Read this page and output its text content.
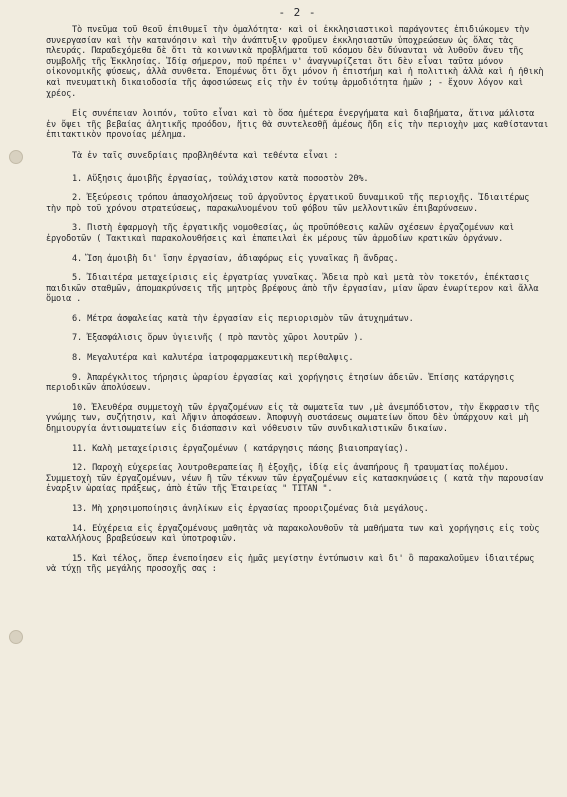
- 2 -

Τὸ πνεῦμα τοῦ θεοῦ ἐπιθυμεῖ τὴν ὁμαλότητα· καὶ οἱ ἐκκλησιαστικοὶ παράγοντες ἐπιδιώκομεν τὴν συνεργασίαν καὶ τὴν κατανόησιν καὶ τὴν ἀνάπτυξιν φροῦμεν ἐκκλησιαστῶν ὑποχρεώσεων ὡς ὅλας τὰς πλευράς. Παραδεχόμεθα δὲ ὅτι τὰ κοινωνικὰ προβλήματα τοῦ κόσμου δὲν δύνανται νὰ λυθοῦν ἄνευ τῆς συμβολῆς τῆς Ἐκκλησίας. Ἰδίᾳ σήμερον, ποῦ πρέπει ν' ἀναγνωρίζεται ὅτι δὲν εἶναι ταῦτα μόνον οἰκονομικῆς φύσεως, ἀλλὰ συνθετα. Ἐπομένως ὅτι ὄχι μόνον ἡ ἐπιστήμη καὶ ἡ πολιτικὴ ἀλλὰ καὶ ἡ ἠθικὴ καὶ πνευματικὴ δικαιοδοσία τῆς ἀφοσιώσεως εἰς τὴν ἐν τούτῳ ἁρμοδιότητα ἡμῶν ; - ἔχουν λόγον καὶ χρέος.

Εἰς συνέπειαν λοιπόν, τοῦτο εἶναι καὶ τὸ ὅσα ἡμέτερα ἐνεργήματα καὶ διαβήματα, ἅτινα μάλιστα ἐν ὄψει τῆς βεβαίας ἀλητικῆς προόδου, ἥτις θὰ συντελεσθῇ ἀμέσως ἤδη εἰς τὴν περιοχὴν μας καθίστανται ἐπιτακτικὸν προνοίας μέλημα.

Τὰ ἐν ταῖς συνεδρίαις προβληθέντα καὶ τεθέντα εἶναι :

1. Αὔξησις ἀμοιβῆς ἐργασίας, τοὐλάχιστον κατὰ ποσοστὸν 20%.

2. Ἐξεύρεσις τρόπου ἀπασχολήσεως τοῦ ἀργοῦντος ἐργατικοῦ δυναμικοῦ τῆς περιοχῆς. Ἰδιαιτέρως τὴν πρὸ τοῦ χρόνου στρατεύσεως, παρακωλυομένου τοῦ φόβου τῶν μελλοντικῶν ἐπιβαρύνσεων.

3. Πιστὴ ἐφαρμογὴ τῆς ἐργατικῆς νομοθεσίας, ὡς προϋπόθεσις καλῶν σχέσεων ἐργαζομένων καὶ ἐργοδοτῶν ( Τακτικαὶ παρακολουθήσεις καὶ ἐπαπειλαὶ ἐκ μέρους τῶν ἁρμοδίων κρατικῶν ὀργάνων.

4. Ἴση ἀμοιβὴ δι' ἴσην ἐργασίαν, ἀδιαφόρως εἰς γυναῖκας ἢ ἄνδρας.

5. Ἰδιαιτέρα μεταχείρισις εἰς ἐργατρίας γυναῖκας. Ἄδεια πρὸ καὶ μετὰ τὸν τοκετόν, ἐπέκτασις παιδικῶν σταθμῶν, ἀπομακρύνσεις τῆς μητρὸς βρέφους ἀπὸ τῆν ἐργασίαν, μίαν ὥραν ἐνωρίτερον καὶ ἄλλα ὅμοια .

6. Μέτρα ἀσφαλείας κατὰ τὴν ἐργασίαν εἰς περιορισμὸν τῶν ἀτυχημάτων.

7. Ἐξασφάλισις ὅρων ὑγιεινῆς ( πρὸ παντὸς χῶροι λουτρῶν ).

8. Μεγαλυτέρα καὶ καλυτέρα ἰατροφαρμακευτικὴ περίθαλψις.

9. Ἀπαρέγκλιτος τήρησις ὡραρίου ἐργασίας καὶ χορήγησις ἐτησίων ἀδειῶν. Ἐπίσης κατάργησις περιοδικῶν ἀπολύσεων.

10. Ἐλευθέρα συμμετοχὴ τῶν ἐργαζομένων εἰς τὰ σωματεῖα των ,μὲ ἀνεμπόδιστον, τὴν ἔκφρασιν τῆς γνώμης των, συζήτησιν, καὶ λῆψιν ἀποφάσεων. Ἀποφυγὴ συστάσεως σωματείων ὅπου δὲν ὑπάρχουν καὶ μὴ δημιουργία ἀντισωματείων εἰς διάσπασιν καὶ νόθευσιν τῶν συνδικαλιστικῶν δικαίων.

11. Καλὴ μεταχείρισις ἐργαζομένων ( κατάργησις πάσης βιαιοπραγίας).

12. Παροχὴ εὐχερείας λουτροθεραπείας ἢ ἐξοχῆς, ἰδίᾳ εἰς ἀναπήρους ἢ τραυματίας πολέμου. Συμμετοχὴ τῶν ἐργαζομένων, νέων ἢ τῶν τέκνων τῶν ἐργαζομένων εἰς κατασκηνώσεις ( κατὰ τὴν παρουσίαν ἐναρξιν ὡραίας πράξεως, ἀπὸ ἐτῶν τῆς Ἑταιρείας " ΤΙΤΑΝ ".

13. Μὴ χρησιμοποίησις ἀνηλίκων εἰς ἐργασίας προοριζομένας διὰ μεγάλους.

14. Εὐχέρεια εἰς ἐργαζομένους μαθητὰς νὰ παρακολουθοῦν τὰ μαθήματα των καὶ χορήγησις εἰς τοὺς καταλλήλους βραβεύσεων καὶ ὑποτροφιῶν.

15. Καὶ τέλος, ὅπερ ἐνεποίησεν εἰς ἡμᾶς μεγίστην ἐντύπωσιν καὶ δι' ὃ παρακαλοῦμεν ἰδιαιτέρως νὰ τύχῃ τῆς μεγάλης προσοχῆς σας :
